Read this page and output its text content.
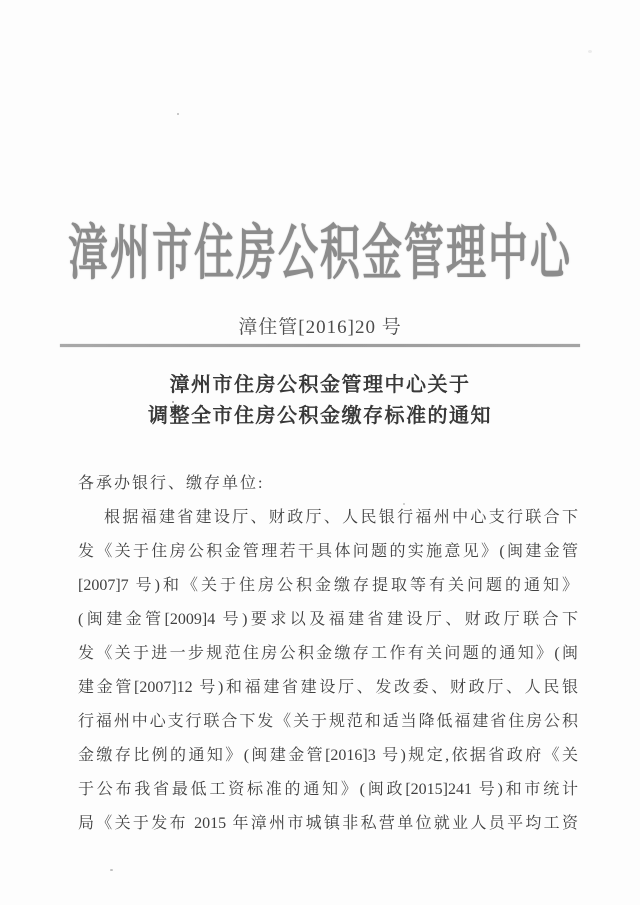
漳州市住房公积金管理中心
漳住管[2016]20 号
漳州市住房公积金管理中心关于
调整全市住房公积金缴存标准的通知
各承办银行、缴存单位:
根据福建省建设厅、财政厅、人民银行福州中心支行联合下
发《关于住房公积金管理若干具体问题的实施意见》(闽建金管
[2007]7 号)和《关于住房公积金缴存提取等有关问题的通知》
(闽建金管[2009]4 号)要求以及福建省建设厅、财政厅联合下
发《关于进一步规范住房公积金缴存工作有关问题的通知》(闽
建金管[2007]12 号)和福建省建设厅、发改委、财政厅、人民银
行福州中心支行联合下发《关于规范和适当降低福建省住房公积
金缴存比例的通知》(闽建金管[2016]3 号)规定,依据省政府《关
于公布我省最低工资标准的通知》(闽政[2015]241 号)和市统计
局《关于发布 2015 年漳州市城镇非私营单位就业人员平均工资
